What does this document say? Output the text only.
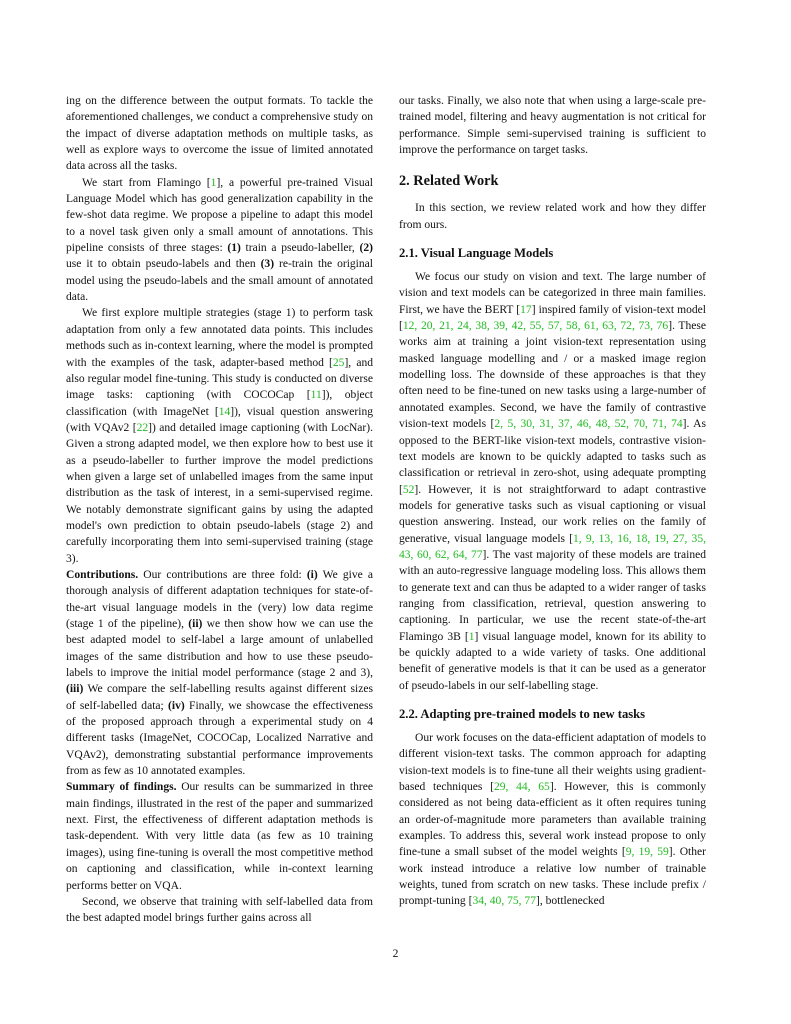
ing on the difference between the output formats. To tackle the aforementioned challenges, we conduct a comprehensive study on the impact of diverse adaptation methods on multiple tasks, as well as explore ways to overcome the issue of limited annotated data across all the tasks.

We start from Flamingo [1], a powerful pre-trained Visual Language Model which has good generalization capability in the few-shot data regime. We propose a pipeline to adapt this model to a novel task given only a small amount of annotations. This pipeline consists of three stages: (1) train a pseudo-labeller, (2) use it to obtain pseudo-labels and then (3) re-train the original model using the pseudo-labels and the small amount of annotated data.

We first explore multiple strategies (stage 1) to perform task adaptation from only a few annotated data points. This includes methods such as in-context learning, where the model is prompted with the examples of the task, adapter-based method [25], and also regular model fine-tuning. This study is conducted on diverse image tasks: captioning (with COCOCap [11]), object classification (with ImageNet [14]), visual question answering (with VQAv2 [22]) and detailed image captioning (with LocNar). Given a strong adapted model, we then explore how to best use it as a pseudo-labeller to further improve the model predictions when given a large set of unlabelled images from the same input distribution as the task of interest, in a semi-supervised regime. We notably demonstrate significant gains by using the adapted model's own prediction to obtain pseudo-labels (stage 2) and carefully incorporating them into semi-supervised training (stage 3).

Contributions. Our contributions are three fold: (i) We give a thorough analysis of different adaptation techniques for state-of-the-art visual language models in the (very) low data regime (stage 1 of the pipeline), (ii) we then show how we can use the best adapted model to self-label a large amount of unlabelled images of the same distribution and how to use these pseudo-labels to improve the initial model performance (stage 2 and 3), (iii) We compare the self-labelling results against different sizes of self-labelled data; (iv) Finally, we showcase the effectiveness of the proposed approach through a experimental study on 4 different tasks (ImageNet, COCOCap, Localized Narrative and VQAv2), demonstrating substantial performance improvements from as few as 10 annotated examples.

Summary of findings. Our results can be summarized in three main findings, illustrated in the rest of the paper and summarized next. First, the effectiveness of different adaptation methods is task-dependent. With very little data (as few as 10 training images), using fine-tuning is overall the most competitive method on captioning and classification, while in-context learning performs better on VQA.

Second, we observe that training with self-labelled data from the best adapted model brings further gains across all

our tasks. Finally, we also note that when using a large-scale pre-trained model, filtering and heavy augmentation is not critical for performance. Simple semi-supervised training is sufficient to improve the performance on target tasks.

2. Related Work

In this section, we review related work and how they differ from ours.

2.1. Visual Language Models

We focus our study on vision and text. The large number of vision and text models can be categorized in three main families. First, we have the BERT [17] inspired family of vision-text model [12, 20, 21, 24, 38, 39, 42, 55, 57, 58, 61, 63, 72, 73, 76]. These works aim at training a joint vision-text representation using masked language modelling and / or a masked image region modelling loss. The downside of these approaches is that they often need to be fine-tuned on new tasks using a large-number of annotated examples. Second, we have the family of contrastive vision-text models [2, 5, 30, 31, 37, 46, 48, 52, 70, 71, 74]. As opposed to the BERT-like vision-text models, contrastive vision-text models are known to be quickly adapted to tasks such as classification or retrieval in zero-shot, using adequate prompting [52]. However, it is not straightforward to adapt contrastive models for generative tasks such as visual captioning or visual question answering. Instead, our work relies on the family of generative, visual language models [1, 9, 13, 16, 18, 19, 27, 35, 43, 60, 62, 64, 77]. The vast majority of these models are trained with an auto-regressive language modeling loss. This allows them to generate text and can thus be adapted to a wider ranger of tasks ranging from classification, retrieval, question answering to captioning. In particular, we use the recent state-of-the-art Flamingo 3B [1] visual language model, known for its ability to be quickly adapted to a wide variety of tasks. One additional benefit of generative models is that it can be used as a generator of pseudo-labels in our self-labelling stage.

2.2. Adapting pre-trained models to new tasks

Our work focuses on the data-efficient adaptation of models to different vision-text tasks. The common approach for adapting vision-text models is to fine-tune all their weights using gradient-based techniques [29, 44, 65]. However, this is commonly considered as not being data-efficient as it often requires tuning an order-of-magnitude more parameters than available training examples. To address this, several work instead propose to only fine-tune a small subset of the model weights [9, 19, 59]. Other work instead introduce a relative low number of trainable weights, tuned from scratch on new tasks. These include prefix / prompt-tuning [34, 40, 75, 77], bottlenecked

2
